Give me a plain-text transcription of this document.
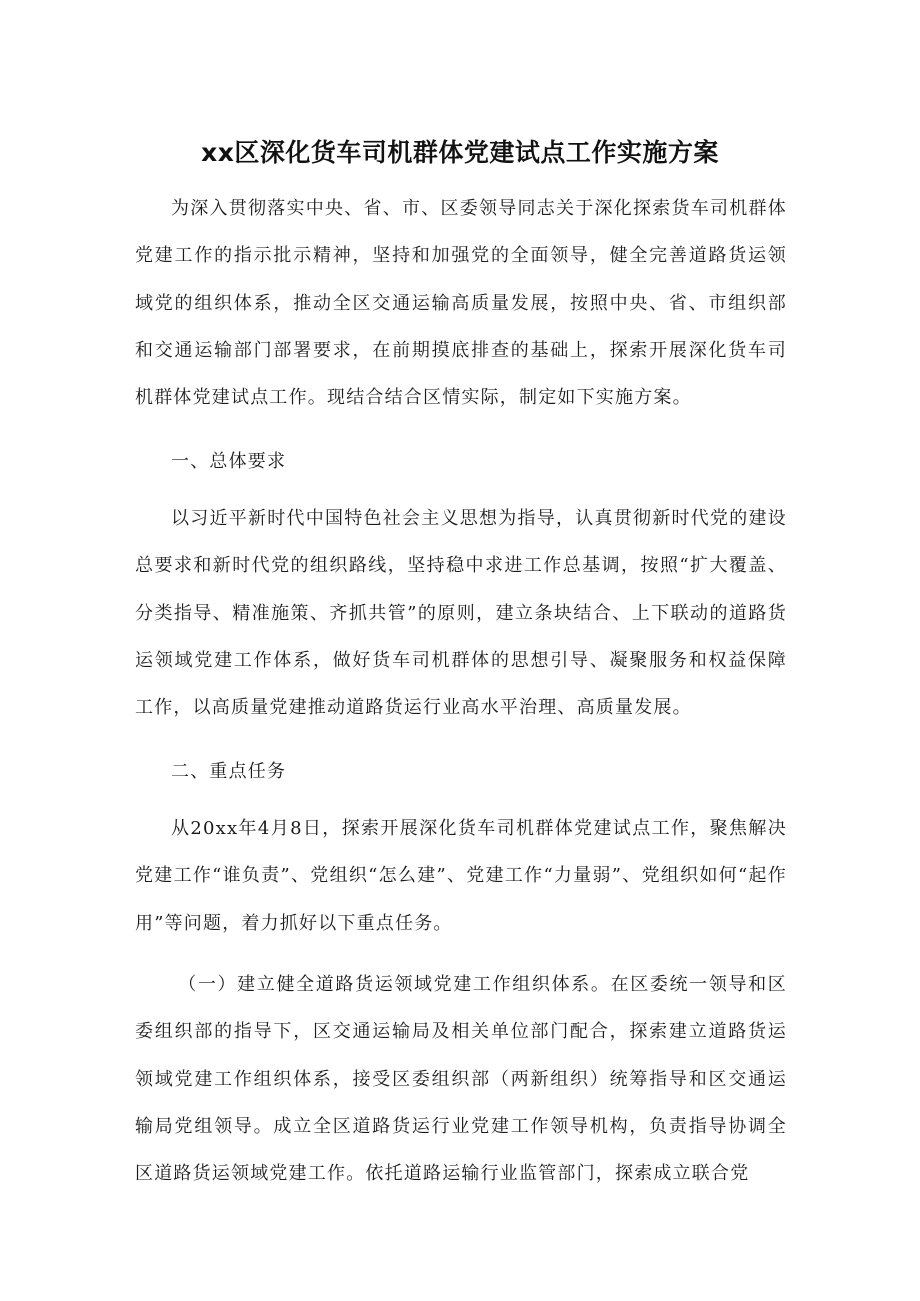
xx区深化货车司机群体党建试点工作实施方案

为深入贯彻落实中央、省、市、区委领导同志关于深化探索货车司机群体党建工作的指示批示精神，坚持和加强党的全面领导，健全完善道路货运领域党的组织体系，推动全区交通运输高质量发展，按照中央、省、市组织部和交通运输部门部署要求，在前期摸底排查的基础上，探索开展深化货车司机群体党建试点工作。现结合结合区情实际，制定如下实施方案。

一、总体要求

以习近平新时代中国特色社会主义思想为指导，认真贯彻新时代党的建设总要求和新时代党的组织路线，坚持稳中求进工作总基调，按照“扩大覆盖、分类指导、精准施策、齐抓共管”的原则，建立条块结合、上下联动的道路货运领域党建工作体系，做好货车司机群体的思想引导、凝聚服务和权益保障工作，以高质量党建推动道路货运行业高水平治理、高质量发展。

二、重点任务

从20xx年4月8日，探索开展深化货车司机群体党建试点工作，聚焦解决党建工作“谁负责”、党组织“怎么建”、党建工作“力量弱”、党组织如何“起作用”等问题，着力抓好以下重点任务。

（一）建立健全道路货运领域党建工作组织体系。在区委统一领导和区委组织部的指导下，区交通运输局及相关单位部门配合，探索建立道路货运领域党建工作组织体系，接受区委组织部（两新组织）统筹指导和区交通运输局党组领导。成立全区道路货运行业党建工作领导机构，负责指导协调全区道路货运领域党建工作。依托道路运输行业监管部门，探索成立联合党
